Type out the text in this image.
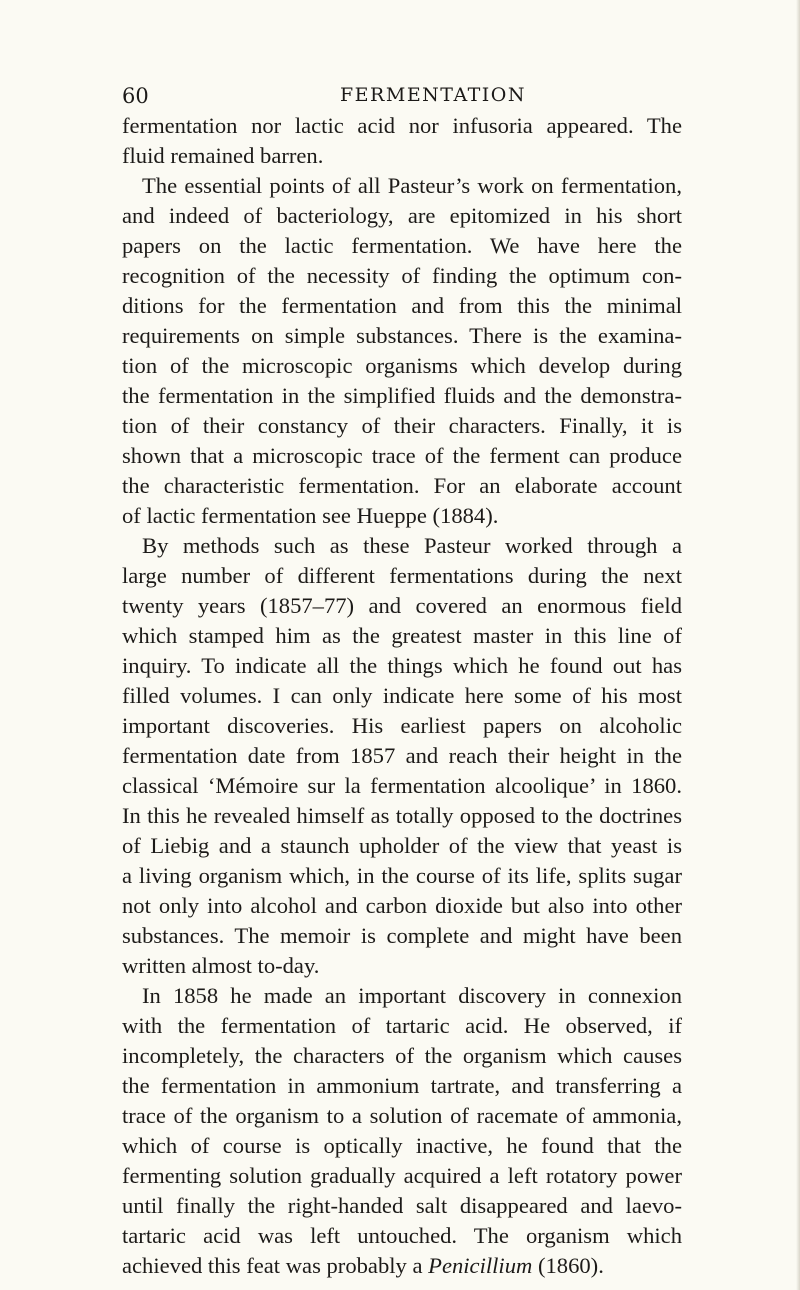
60	FERMENTATION
fermentation nor lactic acid nor infusoria appeared. The
fluid remained barren.
The essential points of all Pasteur’s work on fermentation,
and indeed of bacteriology, are epitomized in his short
papers on the lactic fermentation. We have here the
recognition of the necessity of finding the optimum con-
ditions for the fermentation and from this the minimal
requirements on simple substances. There is the examina-
tion of the microscopic organisms which develop during
the fermentation in the simplified fluids and the demonstra-
tion of their constancy of their characters. Finally, it is
shown that a microscopic trace of the ferment can produce
the characteristic fermentation. For an elaborate account
of lactic fermentation see Hueppe (1884).
By methods such as these Pasteur worked through a
large number of different fermentations during the next
twenty years (1857–77) and covered an enormous field
which stamped him as the greatest master in this line of
inquiry. To indicate all the things which he found out has
filled volumes. I can only indicate here some of his most
important discoveries. His earliest papers on alcoholic
fermentation date from 1857 and reach their height in the
classical ‘Mémoire sur la fermentation alcoolique’ in 1860.
In this he revealed himself as totally opposed to the doctrines
of Liebig and a staunch upholder of the view that yeast is
a living organism which, in the course of its life, splits sugar
not only into alcohol and carbon dioxide but also into other
substances. The memoir is complete and might have been
written almost to-day.
In 1858 he made an important discovery in connexion
with the fermentation of tartaric acid. He observed, if
incompletely, the characters of the organism which causes
the fermentation in ammonium tartrate, and transferring a
trace of the organism to a solution of racemate of ammonia,
which of course is optically inactive, he found that the
fermenting solution gradually acquired a left rotatory power
until finally the right-handed salt disappeared and laevo-
tartaric acid was left untouched. The organism which
achieved this feat was probably a Penicillium (1860).
